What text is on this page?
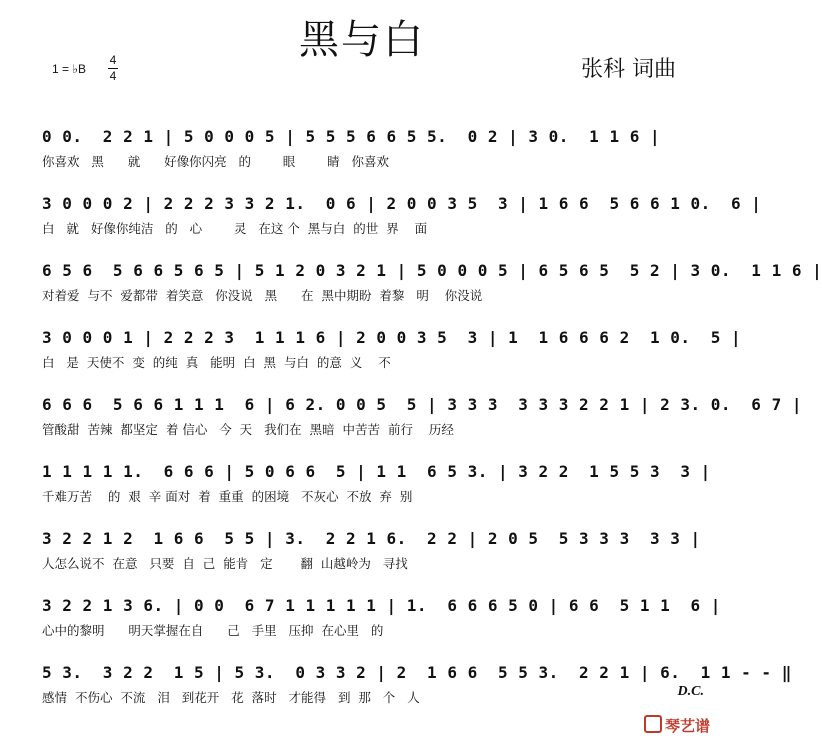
黑与白
1 = ♭B
4
4	张科 词曲
0 0.  2 2 1 | 5 0 0 0 5 | 5 5 5 6 6 5 5.  0 2 | 3 0.  1 1 6 |
你喜欢   黑      就      好像你闪亮   的        眼        睛   你喜欢
3 0 0 0 2 | 2 2 2 3 3 2 1.  0 6 | 2 0 0 3 5  3 | 1 6 6  5 6 6 1 0.  6 |
白   就   好像你纯洁   的   心        灵   在这 个  黑与白  的世  界    面
6 5 6  5 6 6 5 6 5 | 5 1 2 0 3 2 1 | 5 0 0 0 5 | 6 5 6 5  5 2 | 3 0.  1 1 6 |
对着爱  与不  爱都带  着笑意   你没说   黑      在  黑中期盼  着黎   明    你没说
3 0 0 0 1 | 2 2 2 3  1 1 1 6 | 2 0 0 3 5  3 | 1  1 6 6 6 2  1 0.  5 |
白   是  天使不  变  的纯  真   能明  白  黑  与白  的意  义    不
6 6 6  5 6 6 1 1 1  6 | 6 2. 0 0 5  5 | 3 3 3  3 3 3 2 2 1 | 2 3. 0.  6 7 |
管酸甜  苦辣  都坚定  着 信心   今  天   我们在  黑暗  中苦苦  前行    历经
1 1 1 1 1.  6 6 6 | 5 0 6 6  5 | 1 1  6 5 3. | 3 2 2  1 5 5 3  3 |
千难万苦    的  艰  辛 面对  着  重重  的困境   不灰心  不放  弃  别
3 2 2 1 2  1 6 6  5 5 | 3.  2 2 1 6.  2 2 | 2 0 5  5 3 3 3  3 3 |
人怎么说不  在意   只要  自  己  能肯   定       翻  山越岭为   寻找
3 2 2 1 3 6. | 0 0  6 7 1 1 1 1 1 | 1.  6 6 6 5 0 | 6 6  5 1 1  6 |
心中的黎明      明天掌握在自      己   手里   压抑  在心里   的
5 3.  3 2 2  1 5 | 5 3.  0 3 3 2 | 2  1 6 6  5 5 3.  2 2 1 | 6.  1 1 - - ‖
感情  不伤心  不流   泪   到花开   花  落时   才能得   到  那   个   人	D.C.
琴艺谱
